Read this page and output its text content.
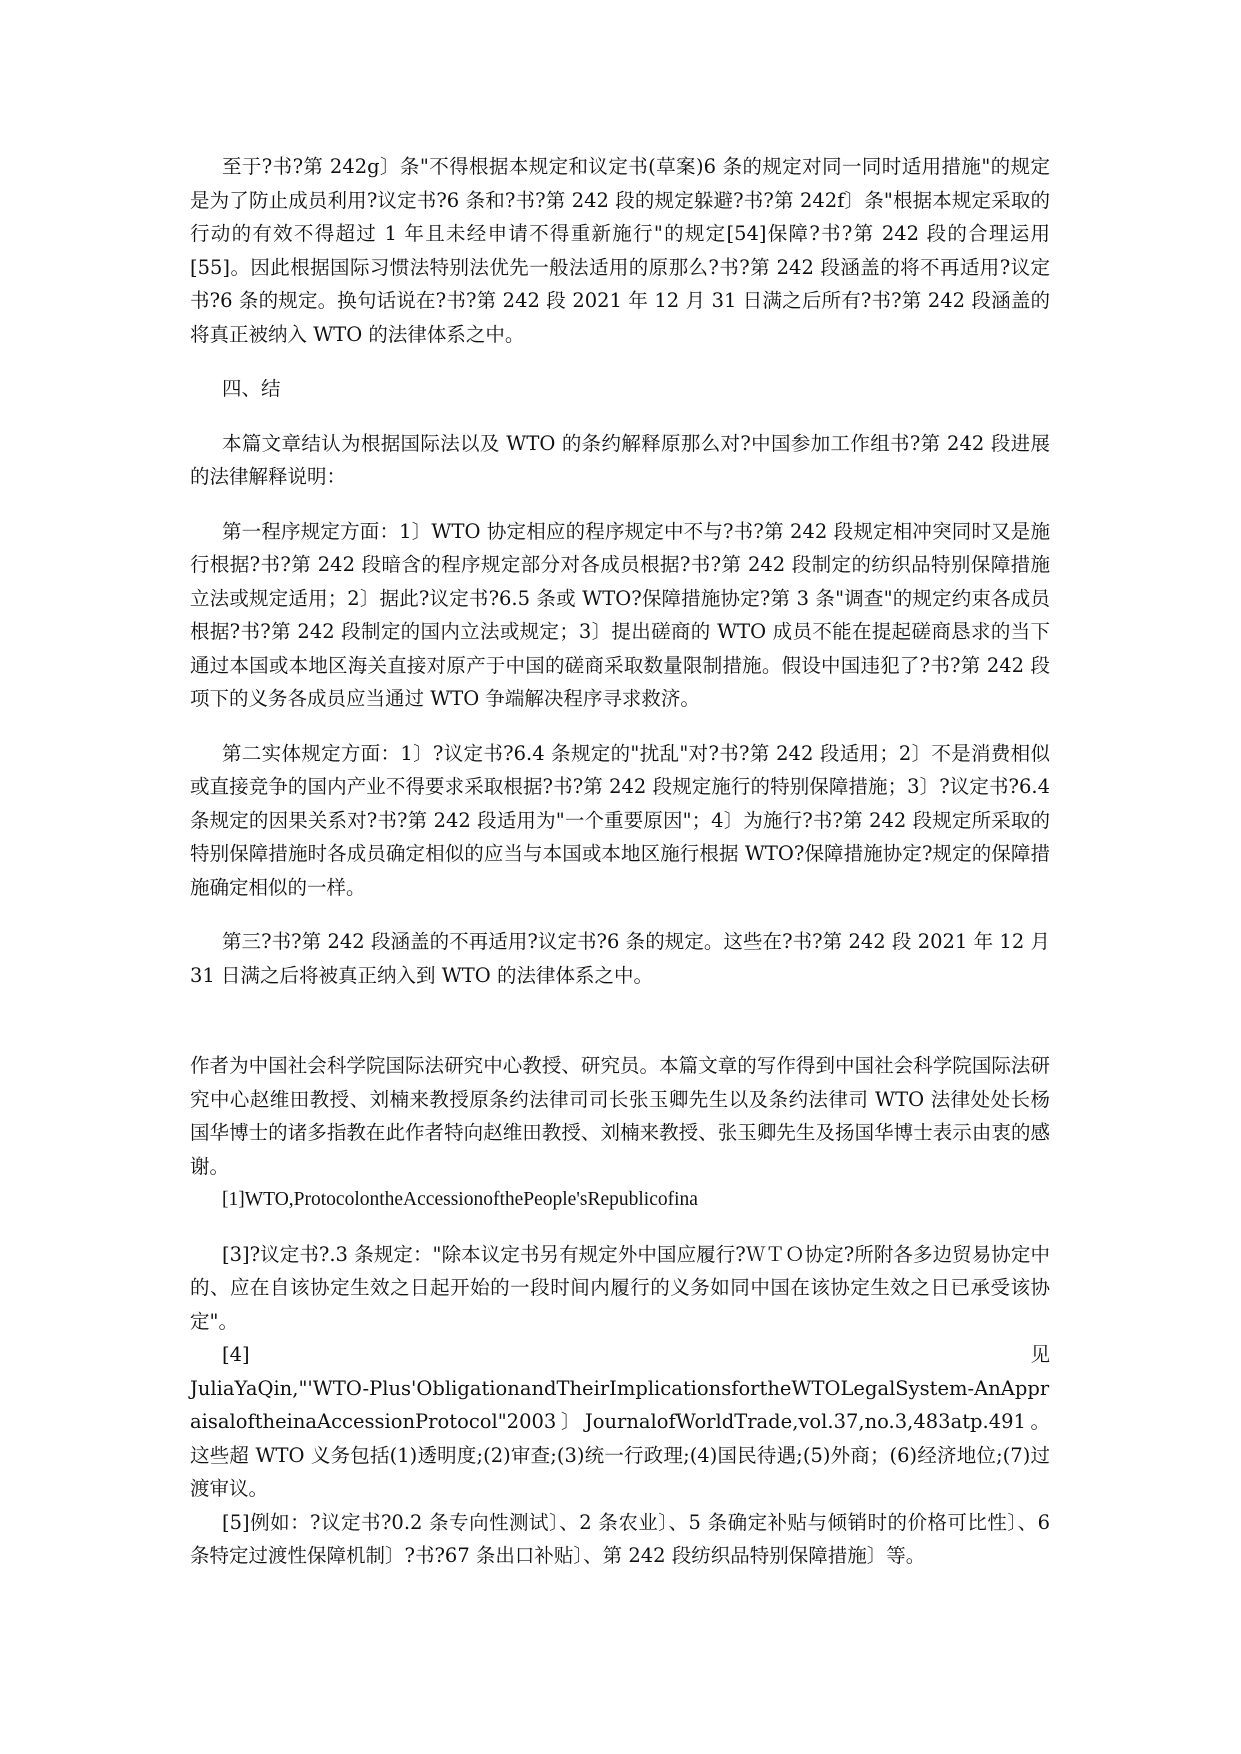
至于?书?第 242g〕条"不得根据本规定和议定书(草案)6 条的规定对同一同时适用措施"的规定是为了防止成员利用?议定书?6 条和?书?第 242 段的规定躲避?书?第 242f〕条"根据本规定采取的行动的有效不得超过 1 年且未经申请不得重新施行"的规定[54]保障?书?第 242 段的合理运用[55]。因此根据国际习惯法特别法优先一般法适用的原那么?书?第 242 段涵盖的将不再适用?议定书?6 条的规定。换句话说在?书?第 242 段 2021 年 12 月 31 日满之后所有?书?第 242 段涵盖的将真正被纳入 WTO 的法律体系之中。

四、结

本篇文章结认为根据国际法以及 WTO 的条约解释原那么对?中国参加工作组书?第 242 段进展的法律解释说明：

第一程序规定方面：1〕WTO 协定相应的程序规定中不与?书?第 242 段规定相冲突同时又是施行根据?书?第 242 段暗含的程序规定部分对各成员根据?书?第 242 段制定的纺织品特别保障措施立法或规定适用；2〕据此?议定书?6.5 条或 WTO?保障措施协定?第 3 条"调查"的规定约束各成员根据?书?第 242 段制定的国内立法或规定；3〕提出磋商的 WTO 成员不能在提起磋商恳求的当下通过本国或本地区海关直接对原产于中国的磋商采取数量限制措施。假设中国违犯了?书?第 242 段项下的义务各成员应当通过 WTO 争端解决程序寻求救济。

第二实体规定方面：1〕?议定书?6.4 条规定的"扰乱"对?书?第 242 段适用；2〕不是消费相似或直接竞争的国内产业不得要求采取根据?书?第 242 段规定施行的特别保障措施；3〕?议定书?6.4 条规定的因果关系对?书?第 242 段适用为"一个重要原因"；4〕为施行?书?第 242 段规定所采取的特别保障措施时各成员确定相似的应当与本国或本地区施行根据 WTO?保障措施协定?规定的保障措施确定相似的一样。

第三?书?第 242 段涵盖的不再适用?议定书?6 条的规定。这些在?书?第 242 段 2021 年 12 月 31 日满之后将被真正纳入到 WTO 的法律体系之中。

作者为中国社会科学院国际法研究中心教授、研究员。本篇文章的写作得到中国社会科学院国际法研究中心赵维田教授、刘楠来教授原条约法律司司长张玉卿先生以及条约法律司 WTO 法律处处长杨国华博士的诸多指教在此作者特向赵维田教授、刘楠来教授、张玉卿先生及扬国华博士表示由衷的感谢。

[1]WTO,ProtocolontheAccessionofthePeople'sRepublicofina

[3]?议定书?.3 条规定："除本议定书另有规定外中国应履行?ＷＴＯ协定?所附各多边贸易协定中的、应在自该协定生效之日起开始的一段时间内履行的义务如同中国在该协定生效之日已承受该协定"。

[4]	见

JuliaYaQin,"'WTO-Plus'ObligationandTheirImplicationsfortheWTOLegalSystem-AnAppraisaloftheinaAccessionProtocol"2003〕JournalofWorldTrade,vol.37,no.3,483atp.491。这些超 WTO 义务包括(1)透明度;(2)审查;(3)统一行政理;(4)国民待遇;(5)外商；(6)经济地位;(7)过渡审议。

[5]例如：?议定书?0.2 条专向性测试〕、2 条农业〕、5 条确定补贴与倾销时的价格可比性〕、6 条特定过渡性保障机制〕?书?67 条出口补贴〕、第 242 段纺织品特别保障措施〕等。
